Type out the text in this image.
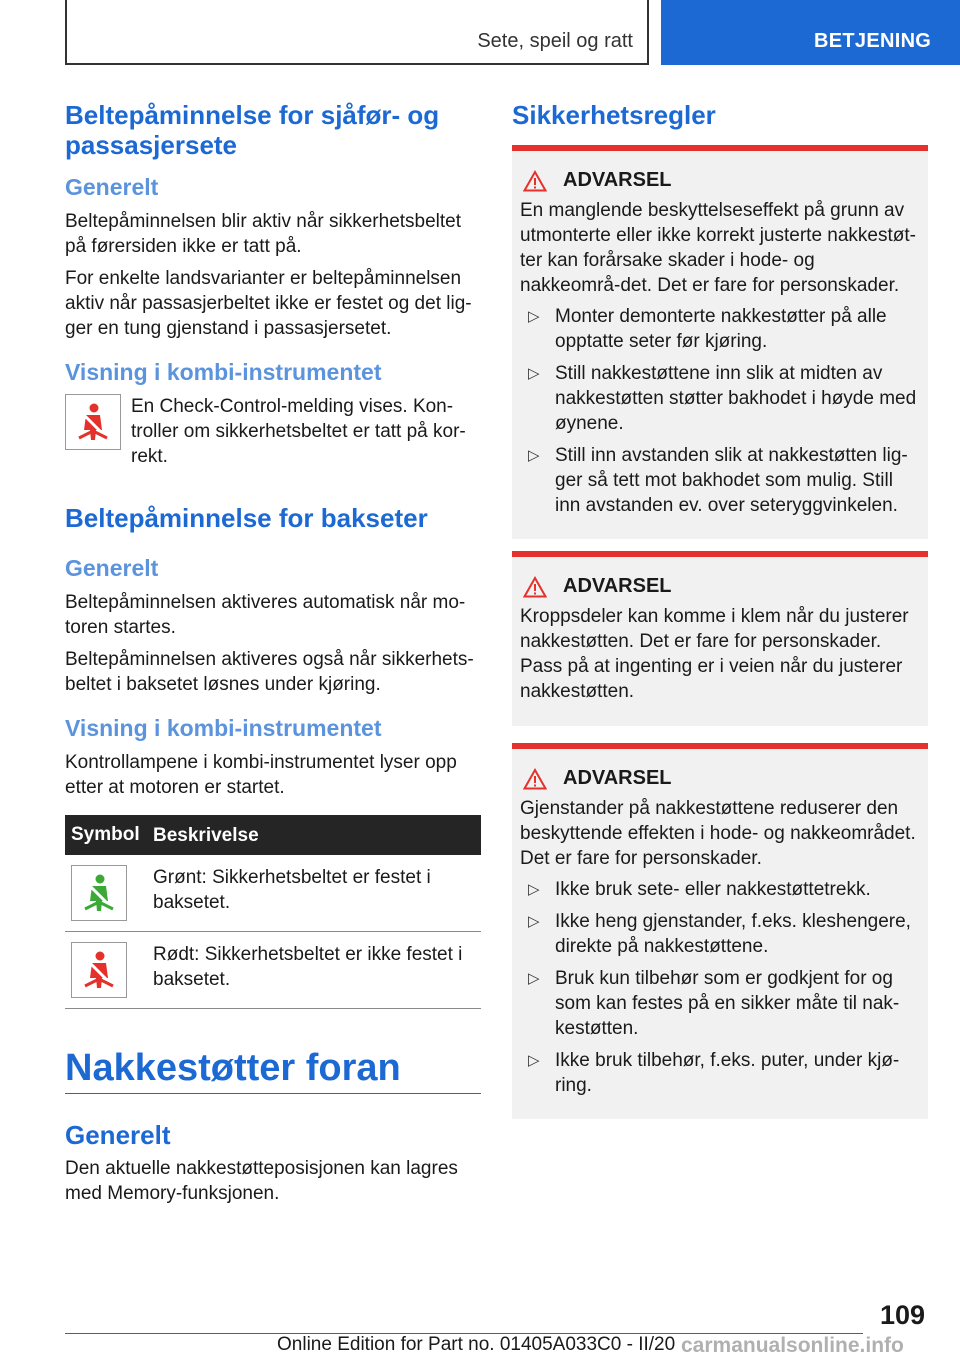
Sete, speil og ratt	BETJENING
Beltepåminnelse for sjåfør- og passasjersete
Generelt

Beltepåminnelsen blir aktiv når sikkerhetsbeltet på førersiden ikke er tatt på.

For enkelte landsvarianter er beltepåminnelsen aktiv når passasjerbeltet ikke er festet og det lig-ger en tung gjenstand i passasjersetet.

Visning i kombi-instrumentet

En Check-Control-melding vises. Kon-troller om sikkerhetsbeltet er tatt på kor-rekt.

Beltepåminnelse for bakseter
Generelt

Beltepåminnelsen aktiveres automatisk når mo-toren startes.

Beltepåminnelsen aktiveres også når sikkerhets-beltet i baksetet løsnes under kjøring.

Visning i kombi-instrumentet

Kontrollampene i kombi-instrumentet lyser opp etter at motoren er startet.

Symbol Beskrivelse
Grønt: Sikkerhetsbeltet er festet i baksetet.
Rødt: Sikkerhetsbeltet er ikke festet i baksetet.
Nakkestøtter foran
Generelt

Den aktuelle nakkestøtteposisjonen kan lagres med Memory-funksjonen.

Sikkerhetsregler
ADVARSEL

En manglende beskyttelseseffekt på grunn av utmonterte eller ikke korrekt justerte nakkestøt-ter kan forårsake skader i hode- og nakkeområ-det. Det er fare for personskader.

▷ Monter demonterte nakkestøtter på alle opptatte seter før kjøring.
▷ Still nakkestøttene inn slik at midten av nakkestøtten støtter bakhodet i høyde med øynene.
▷ Still inn avstanden slik at nakkestøtten lig-ger så tett mot bakhodet som mulig. Still inn avstanden ev. over seteryggvinkelen.
ADVARSEL

Kroppsdeler kan komme i klem når du justerer nakkestøtten. Det er fare for personskader. Pass på at ingenting er i veien når du justerer nakkestøtten.

ADVARSEL

Gjenstander på nakkestøttene reduserer den beskyttende effekten i hode- og nakkeområdet. Det er fare for personskader.

▷ Ikke bruk sete- eller nakkestøttetrekk.
▷ Ikke heng gjenstander, f.eks. kleshengere, direkte på nakkestøttene.
▷ Bruk kun tilbehør som er godkjent for og som kan festes på en sikker måte til nak-kestøtten.
▷ Ikke bruk tilbehør, f.eks. puter, under kjø-ring.
109
Online Edition for Part no. 01405A033C0 - II/20 carmanualsonline.info
